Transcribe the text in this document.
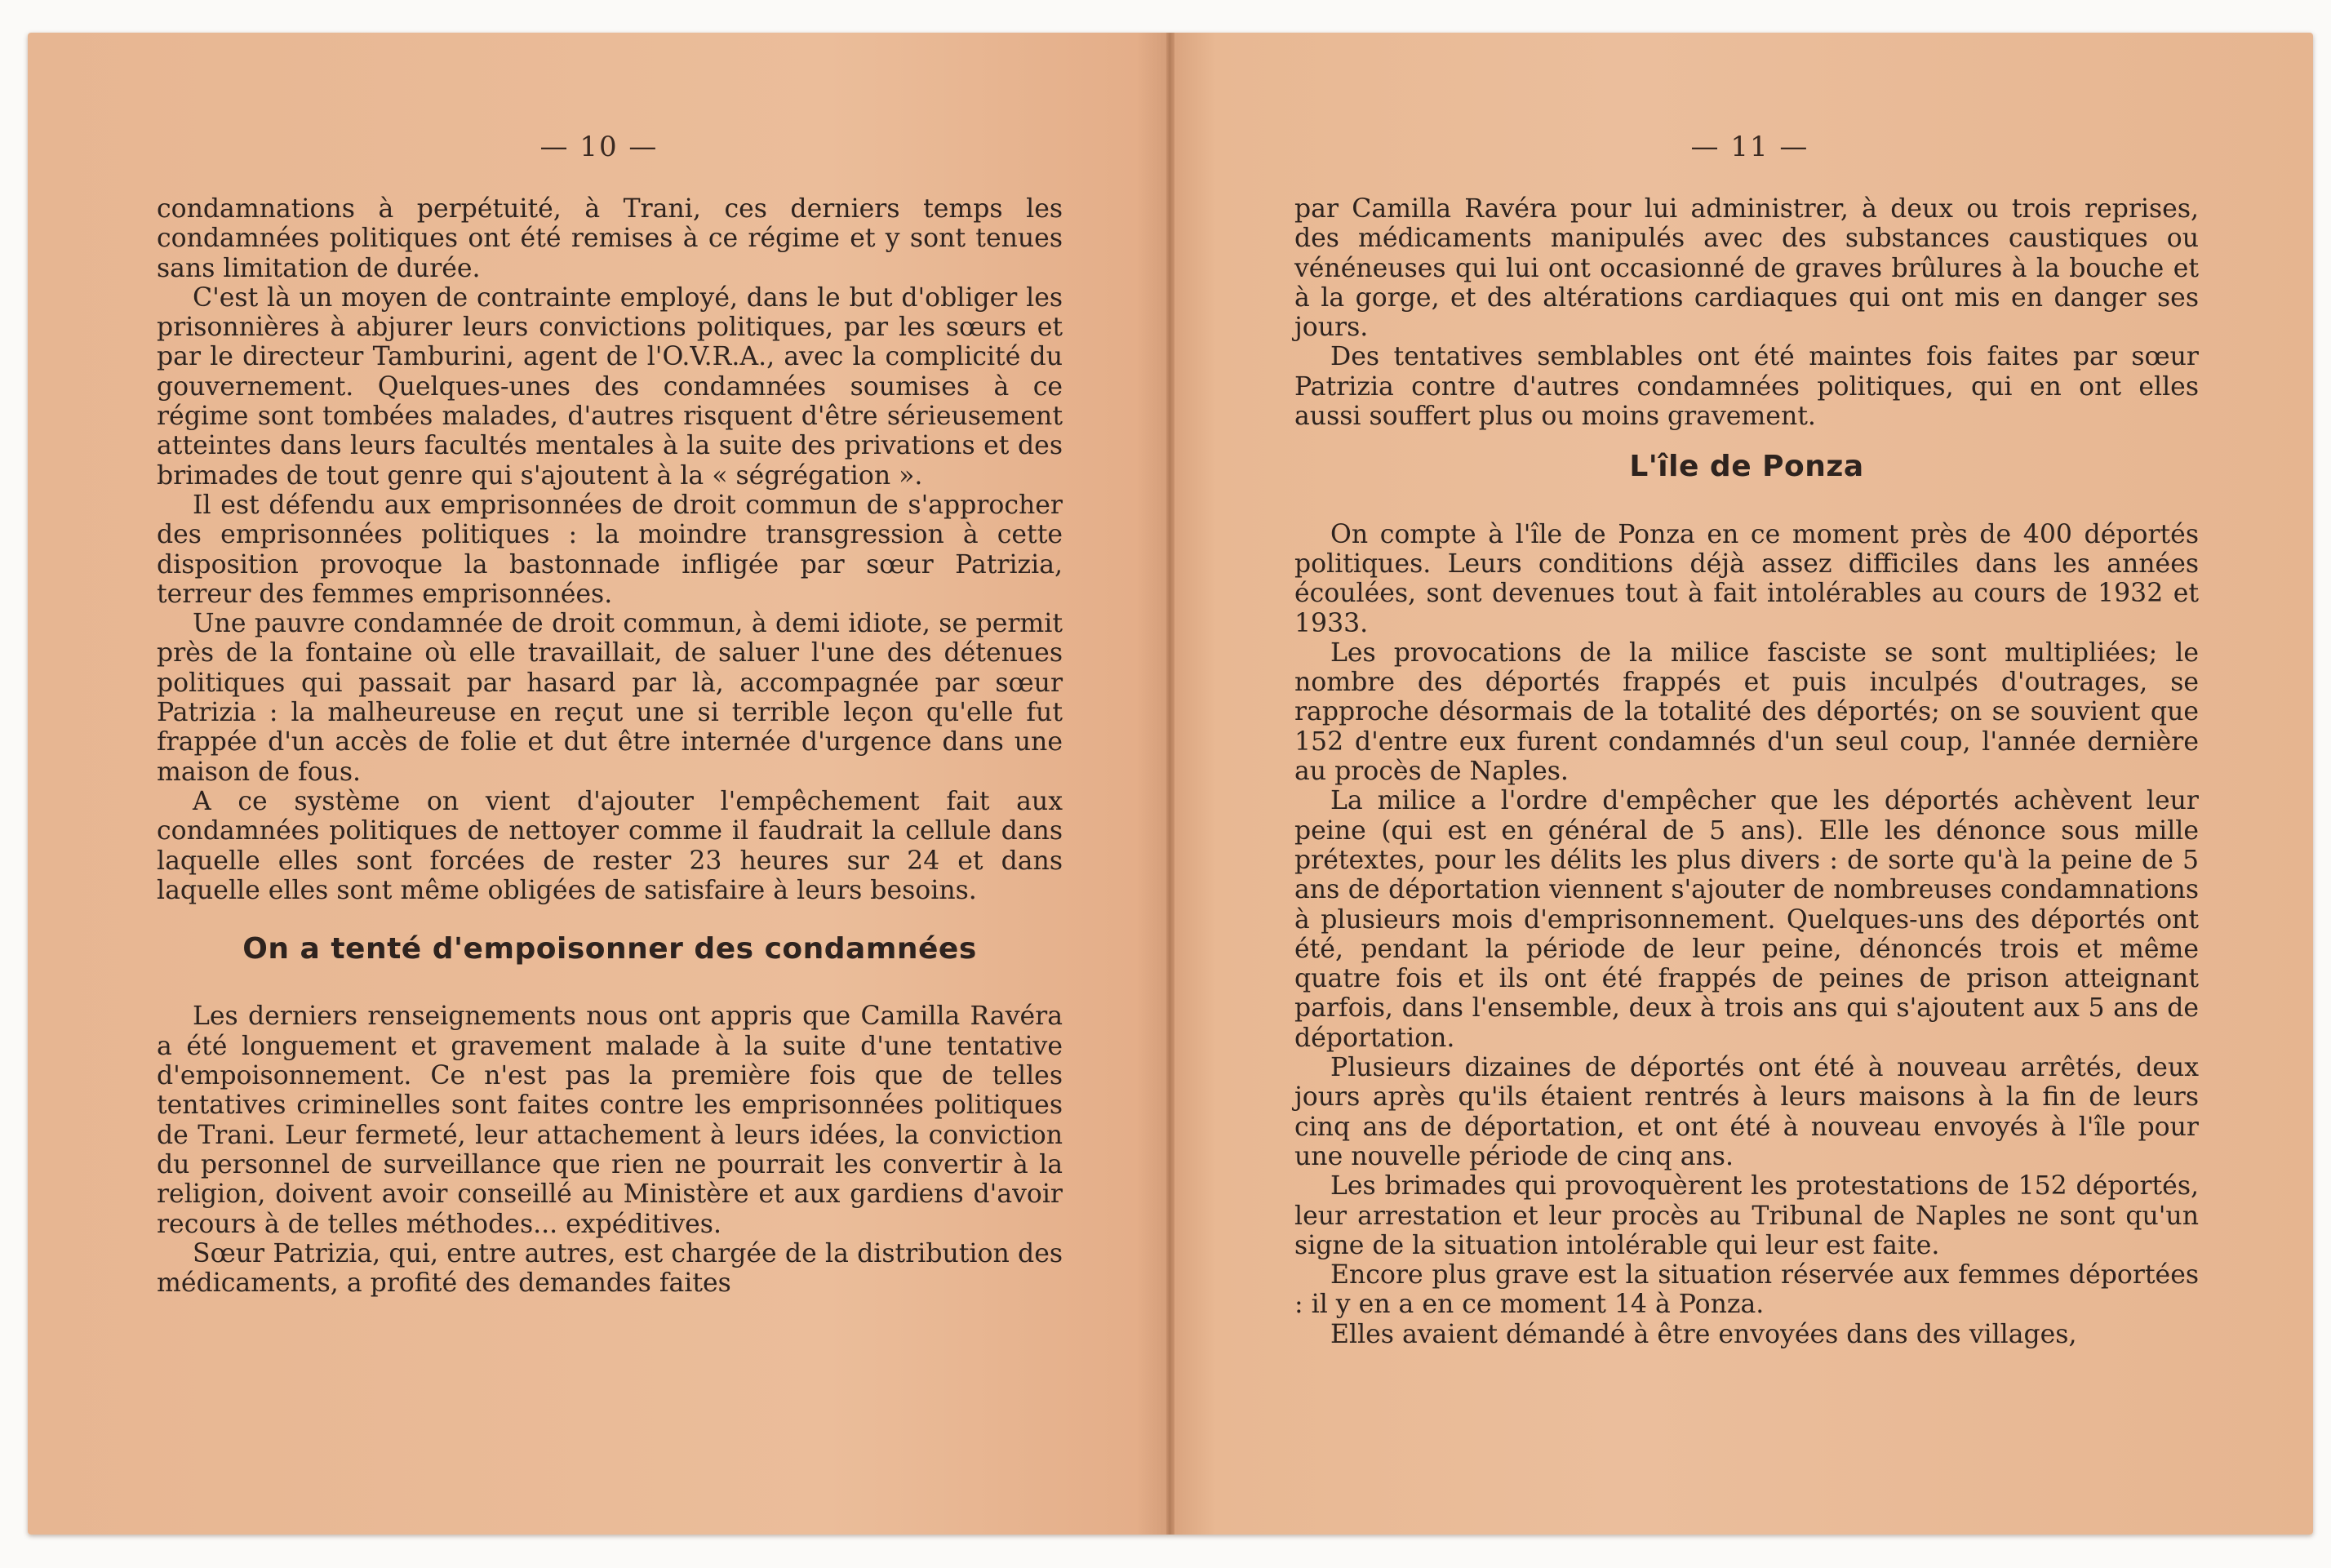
— 10 —

condamnations à perpétuité, à Trani, ces derniers temps les condamnées politiques ont été remises à ce régime et y sont tenues sans limitation de durée.

C'est là un moyen de contrainte employé, dans le but d'obliger les prisonnières à abjurer leurs convictions politiques, par les sœurs et par le directeur Tamburini, agent de l'O.V.R.A., avec la complicité du gouvernement. Quelques-unes des condamnées soumises à ce régime sont tombées malades, d'autres risquent d'être sérieusement atteintes dans leurs facultés mentales à la suite des privations et des brimades de tout genre qui s'ajoutent à la « ségrégation ».

Il est défendu aux emprisonnées de droit commun de s'approcher des emprisonnées politiques : la moindre transgression à cette disposition provoque la bastonnade infligée par sœur Patrizia, terreur des femmes emprisonnées.

Une pauvre condamnée de droit commun, à demi idiote, se permit près de la fontaine où elle travaillait, de saluer l'une des détenues politiques qui passait par hasard par là, accompagnée par sœur Patrizia : la malheureuse en reçut une si terrible leçon qu'elle fut frappée d'un accès de folie et dut être internée d'urgence dans une maison de fous.

A ce système on vient d'ajouter l'empêchement fait aux condamnées politiques de nettoyer comme il faudrait la cellule dans laquelle elles sont forcées de rester 23 heures sur 24 et dans laquelle elles sont même obligées de satisfaire à leurs besoins.

On a tenté d'empoisonner des condamnées

Les derniers renseignements nous ont appris que Camilla Ravéra a été longuement et gravement malade à la suite d'une tentative d'empoisonnement. Ce n'est pas la première fois que de telles tentatives criminelles sont faites contre les emprisonnées politiques de Trani. Leur fermeté, leur attachement à leurs idées, la conviction du personnel de surveillance que rien ne pourrait les convertir à la religion, doivent avoir conseillé au Ministère et aux gardiens d'avoir recours à de telles méthodes... expéditives.

Sœur Patrizia, qui, entre autres, est chargée de la distribution des médicaments, a profité des demandes faites

— 11 —

par Camilla Ravéra pour lui administrer, à deux ou trois reprises, des médicaments manipulés avec des substances caustiques ou vénéneuses qui lui ont occasionné de graves brûlures à la bouche et à la gorge, et des altérations cardiaques qui ont mis en danger ses jours.

Des tentatives semblables ont été maintes fois faites par sœur Patrizia contre d'autres condamnées politiques, qui en ont elles aussi souffert plus ou moins gravement.

L'île de Ponza

On compte à l'île de Ponza en ce moment près de 400 déportés politiques. Leurs conditions déjà assez difficiles dans les années écoulées, sont devenues tout à fait intolérables au cours de 1932 et 1933.

Les provocations de la milice fasciste se sont multipliées; le nombre des déportés frappés et puis inculpés d'outrages, se rapproche désormais de la totalité des déportés; on se souvient que 152 d'entre eux furent condamnés d'un seul coup, l'année dernière au procès de Naples.

La milice a l'ordre d'empêcher que les déportés achèvent leur peine (qui est en général de 5 ans). Elle les dénonce sous mille prétextes, pour les délits les plus divers : de sorte qu'à la peine de 5 ans de déportation viennent s'ajouter de nombreuses condamnations à plusieurs mois d'emprisonnement. Quelques-uns des déportés ont été, pendant la période de leur peine, dénoncés trois et même quatre fois et ils ont été frappés de peines de prison atteignant parfois, dans l'ensemble, deux à trois ans qui s'ajoutent aux 5 ans de déportation.

Plusieurs dizaines de déportés ont été à nouveau arrêtés, deux jours après qu'ils étaient rentrés à leurs maisons à la fin de leurs cinq ans de déportation, et ont été à nouveau envoyés à l'île pour une nouvelle période de cinq ans.

Les brimades qui provoquèrent les protestations de 152 déportés, leur arrestation et leur procès au Tribunal de Naples ne sont qu'un signe de la situation intolérable qui leur est faite.

Encore plus grave est la situation réservée aux femmes déportées : il y en a en ce moment 14 à Ponza.

Elles avaient démandé à être envoyées dans des villages,
